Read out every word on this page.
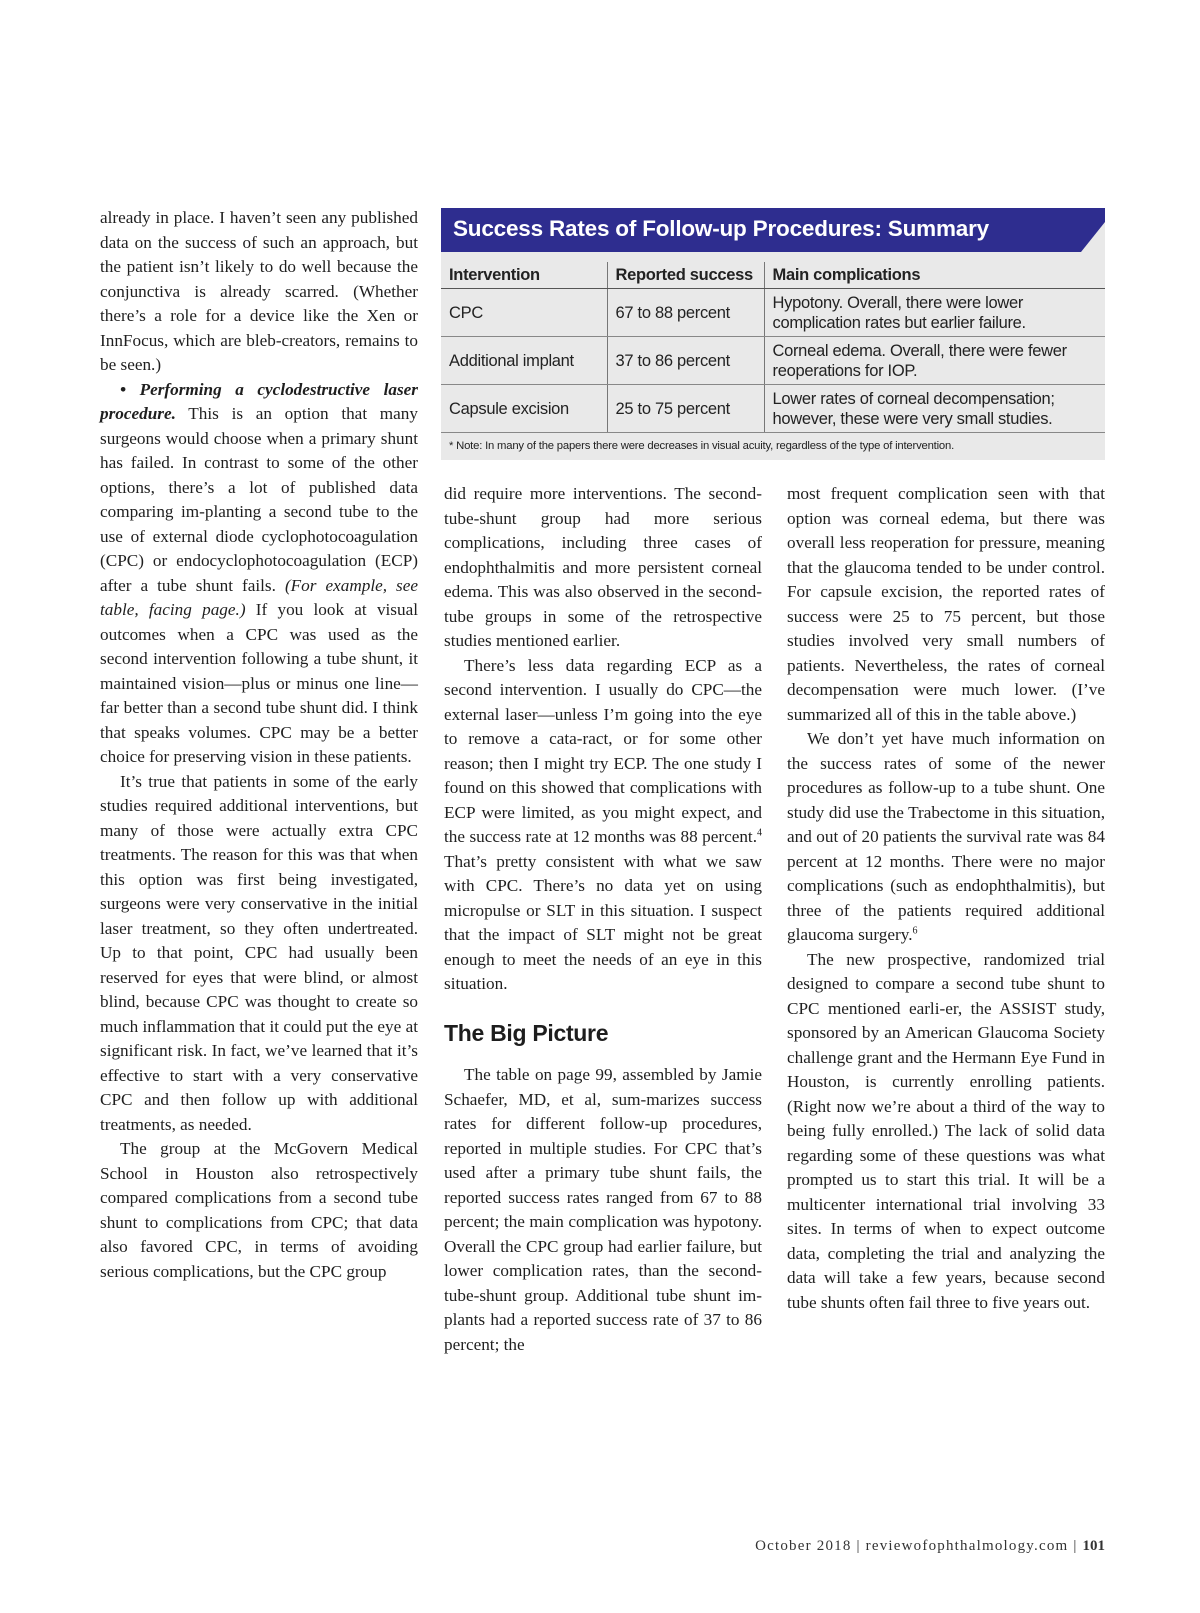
already in place. I haven’t seen any published data on the success of such an approach, but the patient isn’t likely to do well because the conjunctiva is already scarred. (Whether there’s a role for a device like the Xen or InnFocus, which are bleb-creators, remains to be seen.)

• Performing a cyclodestructive laser procedure. This is an option that many surgeons would choose when a primary shunt has failed. In contrast to some of the other options, there’s a lot of published data comparing im-planting a second tube to the use of external diode cyclophotocoagulation (CPC) or endocyclophotocoagulation (ECP) after a tube shunt fails. (For example, see table, facing page.) If you look at visual outcomes when a CPC was used as the second intervention following a tube shunt, it maintained vision—plus or minus one line—far better than a second tube shunt did. I think that speaks volumes. CPC may be a better choice for preserving vision in these patients.

It’s true that patients in some of the early studies required additional interventions, but many of those were actually extra CPC treatments. The reason for this was that when this option was first being investigated, surgeons were very conservative in the initial laser treatment, so they often undertreated. Up to that point, CPC had usually been reserved for eyes that were blind, or almost blind, because CPC was thought to create so much inflammation that it could put the eye at significant risk. In fact, we’ve learned that it’s effective to start with a very conservative CPC and then follow up with additional treatments, as needed.

The group at the McGovern Medical School in Houston also retrospectively compared complications from a second tube shunt to complications from CPC; that data also favored CPC, in terms of avoiding serious complications, but the CPC group

Success Rates of Follow-up Procedures: Summary
Intervention	Reported success	Main complications
CPC	67 to 88 percent	Hypotony. Overall, there were lower complication rates but earlier failure.
Additional implant	37 to 86 percent	Corneal edema. Overall, there were fewer reoperations for IOP.
Capsule excision	25 to 75 percent	Lower rates of corneal decompensation; however, these were very small studies.
* Note: In many of the papers there were decreases in visual acuity, regardless of the type of intervention.

did require more interventions. The second-tube-shunt group had more serious complications, including three cases of endophthalmitis and more persistent corneal edema. This was also observed in the second-tube groups in some of the retrospective studies mentioned earlier.

There’s less data regarding ECP as a second intervention. I usually do CPC—the external laser—unless I’m going into the eye to remove a cata-ract, or for some other reason; then I might try ECP. The one study I found on this showed that complications with ECP were limited, as you might expect, and the success rate at 12 months was 88 percent.$^4$ That’s pretty consistent with what we saw with CPC. There’s no data yet on using micropulse or SLT in this situation. I suspect that the impact of SLT might not be great enough to meet the needs of an eye in this situation.

The Big Picture

The table on page 99, assembled by Jamie Schaefer, MD, et al, sum-marizes success rates for different follow-up procedures, reported in multiple studies. For CPC that’s used after a primary tube shunt fails, the reported success rates ranged from 67 to 88 percent; the main complication was hypotony. Overall the CPC group had earlier failure, but lower complication rates, than the second-tube-shunt group. Additional tube shunt im-plants had a reported success rate of 37 to 86 percent; the

most frequent complication seen with that option was corneal edema, but there was overall less reoperation for pressure, meaning that the glaucoma tended to be under control. For capsule excision, the reported rates of success were 25 to 75 percent, but those studies involved very small numbers of patients. Nevertheless, the rates of corneal decompensation were much lower. (I’ve summarized all of this in the table above.)

We don’t yet have much information on the success rates of some of the newer procedures as follow-up to a tube shunt. One study did use the Trabectome in this situation, and out of 20 patients the survival rate was 84 percent at 12 months. There were no major complications (such as endophthalmitis), but three of the patients required additional glaucoma surgery.$^6$

The new prospective, randomized trial designed to compare a second tube shunt to CPC mentioned earli-er, the ASSIST study, sponsored by an American Glaucoma Society challenge grant and the Hermann Eye Fund in Houston, is currently enrolling patients. (Right now we’re about a third of the way to being fully enrolled.) The lack of solid data regarding some of these questions was what prompted us to start this trial. It will be a multicenter international trial involving 33 sites. In terms of when to expect outcome data, completing the trial and analyzing the data will take a few years, because second tube shunts often fail three to five years out.

October 2018 | reviewofophthalmology.com | 101
